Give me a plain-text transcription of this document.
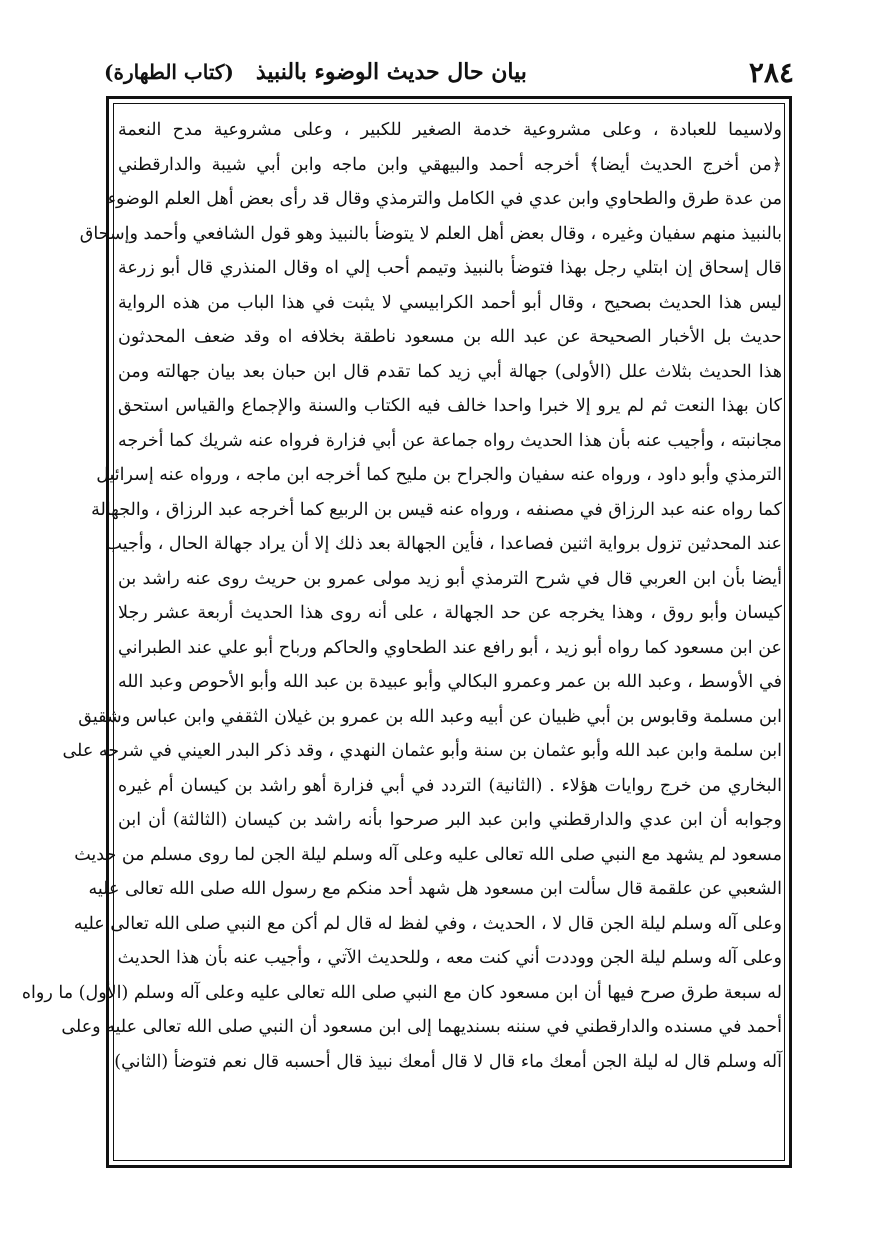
٢٨٤
بيان حال حديث الوضوء بالنبيذ
(كتاب الطهارة)
ولاسيما للعبادة ، وعلى مشروعية خدمة الصغير للكبير ، وعلى مشروعية مدح النعمة
﴿من أخرج الحديث أيضا﴾ أخرجه أحمد والبيهقي وابن ماجه وابن أبي شيبة والدارقطني
من عدة طرق والطحاوي وابن عدي في الكامل والترمذي وقال قد رأى بعض أهل العلم الوضوء
بالنبيذ منهم سفيان وغيره ، وقال بعض أهل العلم لا يتوضأ بالنبيذ وهو قول الشافعي وأحمد وإسحاق
قال إسحاق إن ابتلي رجل بهذا فتوضأ بالنبيذ وتيمم أحب إلي اه وقال المنذري قال أبو زرعة
ليس هذا الحديث بصحيح ، وقال أبو أحمد الكرابيسي لا يثبت في هذا الباب من هذه الرواية
حديث بل الأخبار الصحيحة عن عبد الله بن مسعود ناطقة بخلافه اه وقد ضعف المحدثون
هذا الحديث بثلاث علل (الأولى) جهالة أبي زيد كما تقدم قال ابن حبان بعد بيان جهالته ومن
كان بهذا النعت ثم لم يرو إلا خبرا واحدا خالف فيه الكتاب والسنة والإجماع والقياس استحق
مجانبته ، وأجيب عنه بأن هذا الحديث رواه جماعة عن أبي فزارة فرواه عنه شريك كما أخرجه
الترمذي وأبو داود ، ورواه عنه سفيان والجراح بن مليح كما أخرجه ابن ماجه ، ورواه عنه إسرائيل
كما رواه عنه عبد الرزاق في مصنفه ، ورواه عنه قيس بن الربيع كما أخرجه عبد الرزاق ، والجهالة
عند المحدثين تزول برواية اثنين فصاعدا ، فأين الجهالة بعد ذلك إلا أن يراد جهالة الحال ، وأجيب
أيضا بأن ابن العربي قال في شرح الترمذي أبو زيد مولى عمرو بن حريث روى عنه راشد بن
كيسان وأبو روق ، وهذا يخرجه عن حد الجهالة ، على أنه روى هذا الحديث أربعة عشر رجلا
عن ابن مسعود كما رواه أبو زيد ، أبو رافع عند الطحاوي والحاكم ورباح أبو علي عند الطبراني
في الأوسط ، وعبد الله بن عمر وعمرو البكالي وأبو عبيدة بن عبد الله وأبو الأحوص وعبد الله
ابن مسلمة وقابوس بن أبي ظبيان عن أبيه وعبد الله بن عمرو بن غيلان الثقفي وابن عباس وشقيق
ابن سلمة وابن عبد الله وأبو عثمان بن سنة وأبو عثمان النهدي ، وقد ذكر البدر العيني في شرحه على
البخاري من خرج روايات هؤلاء . (الثانية) التردد في أبي فزارة أهو راشد بن كيسان أم غيره
وجوابه أن ابن عدي والدارقطني وابن عبد البر صرحوا بأنه راشد بن كيسان (الثالثة) أن ابن
مسعود لم يشهد مع النبي صلى الله تعالى عليه وعلى آله وسلم ليلة الجن لما روى مسلم من حديث
الشعبي عن علقمة قال سألت ابن مسعود هل شهد أحد منكم مع رسول الله صلى الله تعالى عليه
وعلى آله وسلم ليلة الجن قال لا ، الحديث ، وفي لفظ له قال لم أكن مع النبي صلى الله تعالى عليه
وعلى آله وسلم ليلة الجن ووددت أني كنت معه ، وللحديث الآتي ، وأجيب عنه بأن هذا الحديث
له سبعة طرق صرح فيها أن ابن مسعود كان مع النبي صلى الله تعالى عليه وعلى آله وسلم (الأول) ما رواه
أحمد في مسنده والدارقطني في سننه بسنديهما إلى ابن مسعود أن النبي صلى الله تعالى عليه وعلى
آله وسلم قال له ليلة الجن أمعك ماء قال لا قال أمعك نبيذ قال أحسبه قال نعم فتوضأ (الثاني)
